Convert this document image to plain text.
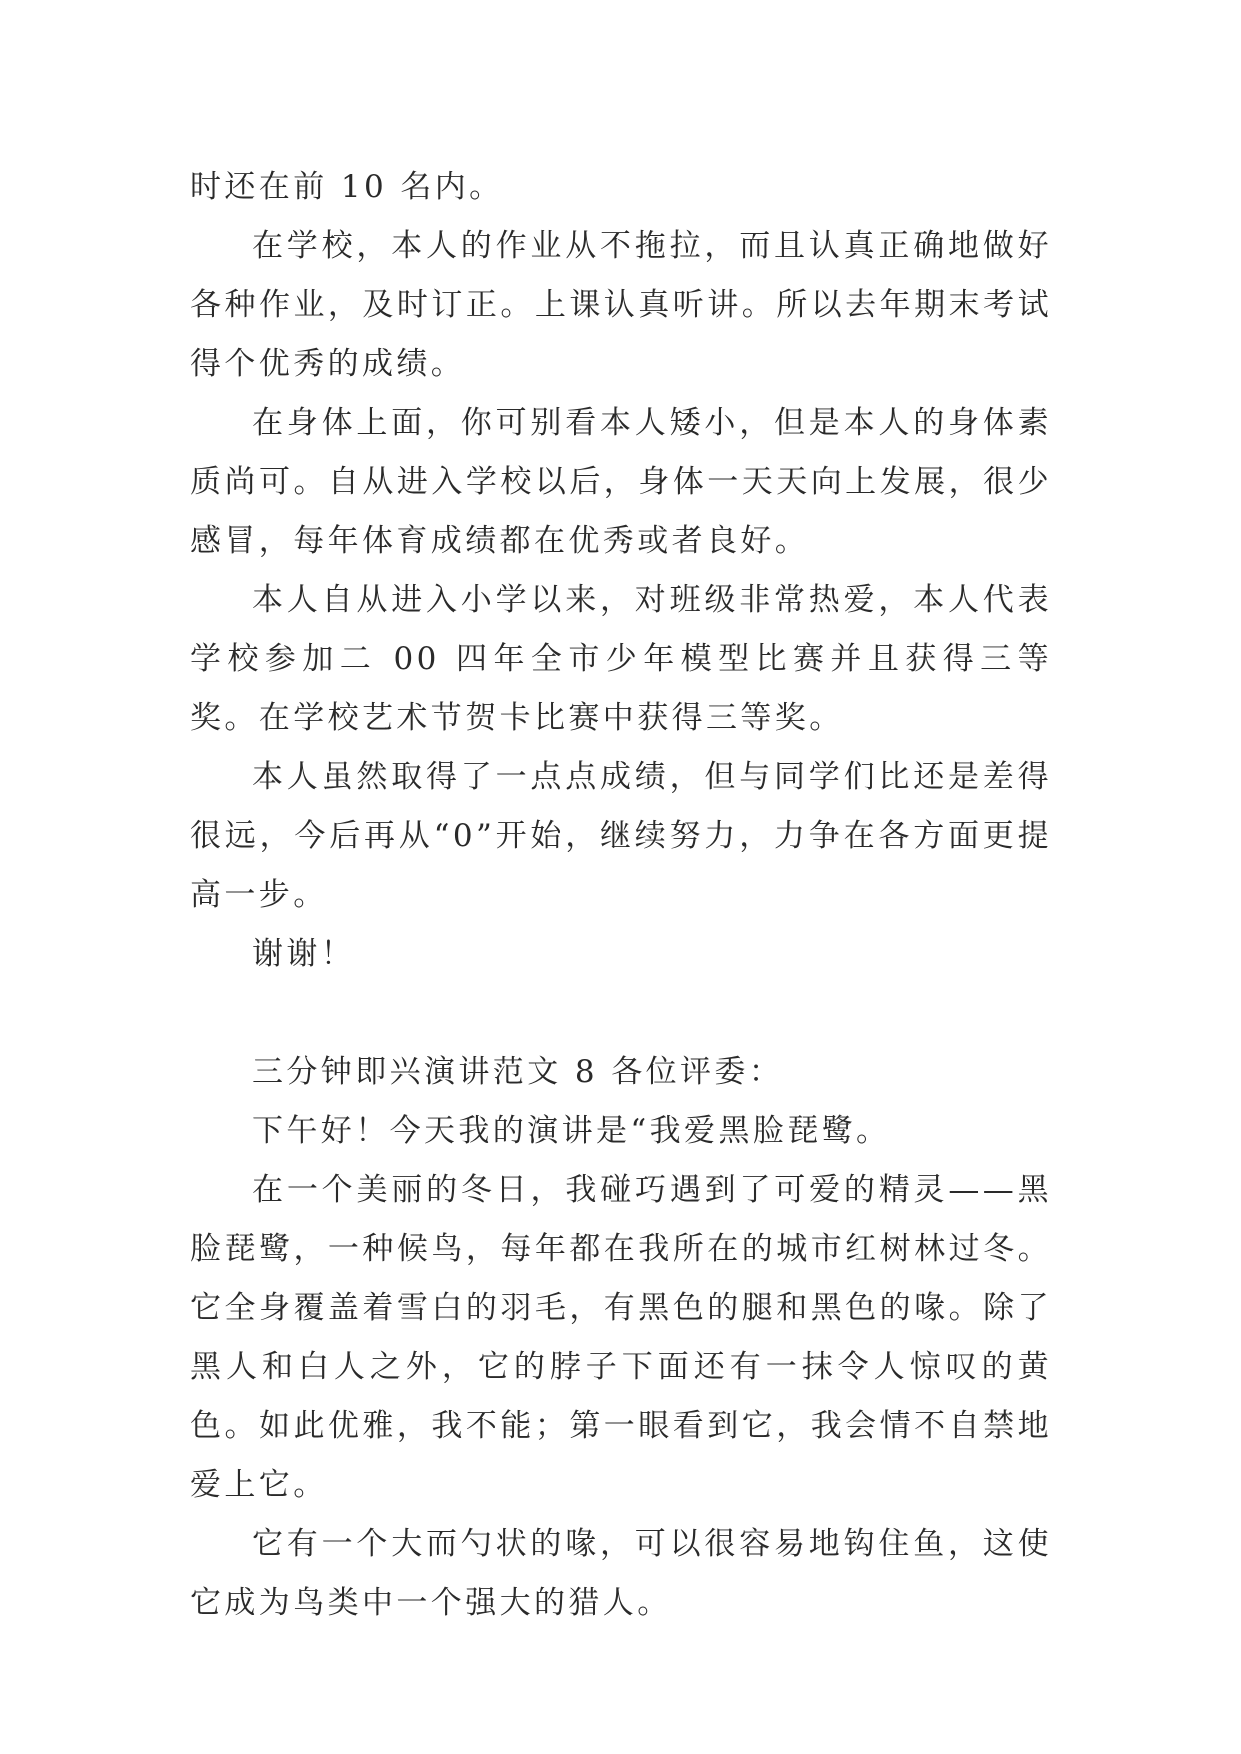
时还在前 10 名内。

在学校，本人的作业从不拖拉，而且认真正确地做好各种作业，及时订正。上课认真听讲。所以去年期末考试得个优秀的成绩。

在身体上面，你可别看本人矮小，但是本人的身体素质尚可。自从进入学校以后，身体一天天向上发展，很少感冒，每年体育成绩都在优秀或者良好。

本人自从进入小学以来，对班级非常热爱，本人代表学校参加二 00 四年全市少年模型比赛并且获得三等奖。在学校艺术节贺卡比赛中获得三等奖。

本人虽然取得了一点点成绩，但与同学们比还是差得很远，今后再从“0”开始，继续努力，力争在各方面更提高一步。

谢谢！

三分钟即兴演讲范文 8 各位评委：

下午好！今天我的演讲是“我爱黑脸琵鹭。

在一个美丽的冬日，我碰巧遇到了可爱的精灵——黑脸琵鹭，一种候鸟，每年都在我所在的城市红树林过冬。它全身覆盖着雪白的羽毛，有黑色的腿和黑色的喙。除了黑人和白人之外，它的脖子下面还有一抹令人惊叹的黄色。如此优雅，我不能；第一眼看到它，我会情不自禁地爱上它。

它有一个大而勺状的喙，可以很容易地钩住鱼，这使它成为鸟类中一个强大的猎人。
